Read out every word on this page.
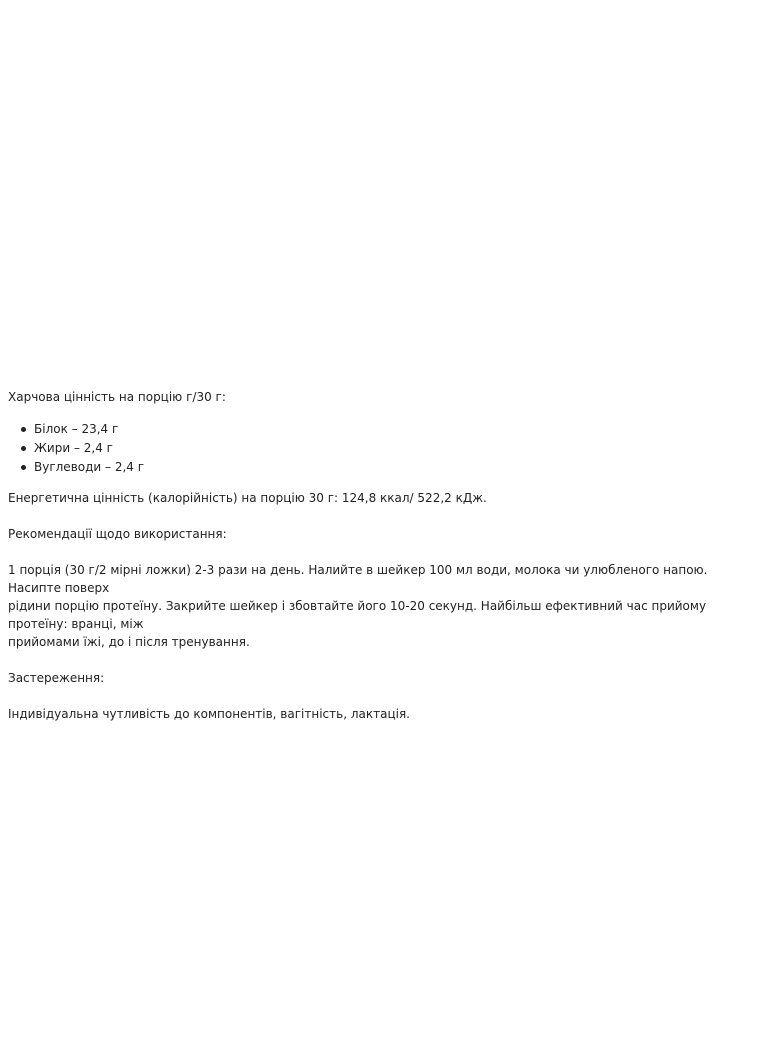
Харчова цінність на порцію г/30 г:

Білок – 23,4 г
Жири – 2,4 г
Вуглеводи – 2,4 г

Енергетична цінність (калорійність) на порцію 30 г: 124,8 ккал/ 522,2 кДж.

Рекомендації щодо використання:

1 порція (30 г/2 мірні ложки) 2-3 рази на день. Налийте в шейкер 100 мл води, молока чи улюбленого напою. Насипте поверх

рідини порцію протеїну. Закрийте шейкер і збовтайте його 10-20 секунд. Найбільш ефективний час прийому протеїну: вранці, між

прийомами їжі, до і після тренування.

Застереження:

Індивідуальна чутливість до компонентів, вагітність, лактація.
